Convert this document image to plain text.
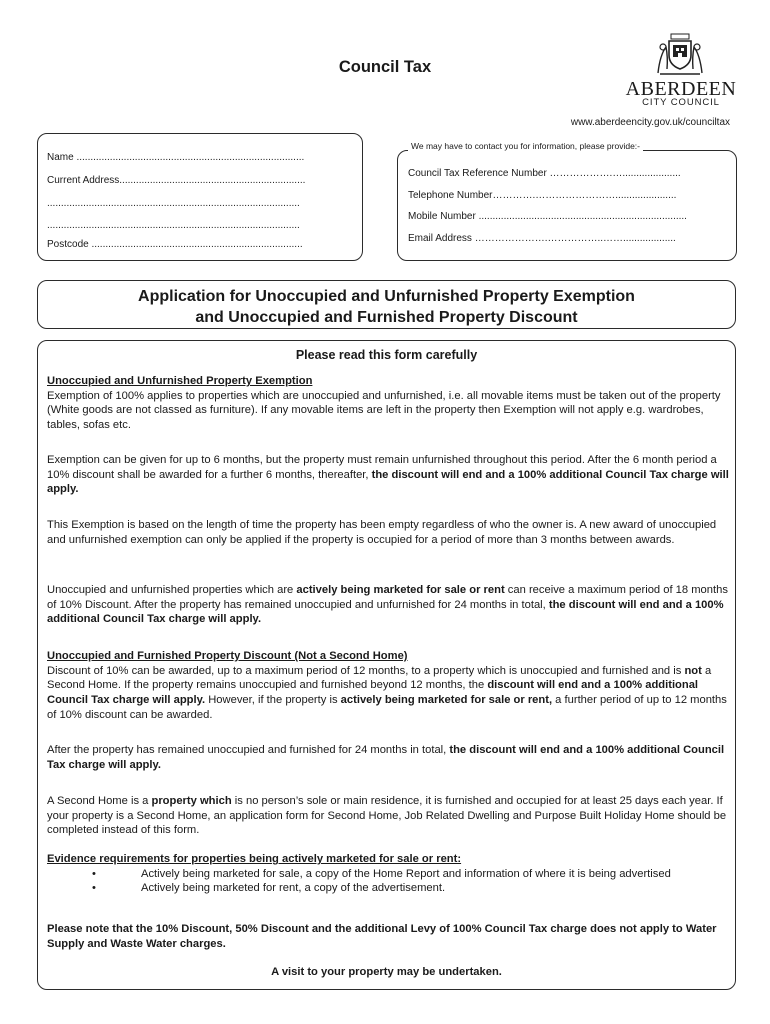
Council Tax
ABERDEEN
CITY COUNCIL
www.aberdeencity.gov.uk/counciltax
Name ..................................................................................
Current Address...................................................................
...........................................................................................
...........................................................................................
Postcode ............................................................................
We may have to contact you for information, please provide:-
Council Tax Reference Number ……………….….....................
Telephone Number………….……………………......................
Mobile Number ...........................................................................
Email Address ………………….……………..……...................
Application for Unoccupied and Unfurnished Property Exemption
and Unoccupied and Furnished Property Discount
Please read this form carefully

Unoccupied and Unfurnished Property Exemption

Exemption of 100% applies to properties which are unoccupied and unfurnished, i.e. all movable items must be taken out of the property (White goods are not classed as furniture). If any movable items are left in the property then Exemption will not apply e.g. wardrobes, tables, sofas etc.

Exemption can be given for up to 6 months, but the property must remain unfurnished throughout this period. After the 6 month period a 10% discount shall be awarded for a further 6 months, thereafter, the discount will end and a 100% additional Council Tax charge will apply.

This Exemption is based on the length of time the property has been empty regardless of who the owner is. A new award of unoccupied and unfurnished exemption can only be applied if the property is occupied for a period of more than 3 months between awards.

Unoccupied and unfurnished properties which are actively being marketed for sale or rent can receive a maximum period of 18 months of 10% Discount. After the property has remained unoccupied and unfurnished for 24 months in total, the discount will end and a 100% additional Council Tax charge will apply.

Unoccupied and Furnished Property Discount (Not a Second Home)

Discount of 10% can be awarded, up to a maximum period of 12 months, to a property which is unoccupied and furnished and is not a Second Home. If the property remains unoccupied and furnished beyond 12 months, the discount will end and a 100% additional Council Tax charge will apply. However, if the property is actively being marketed for sale or rent, a further period of up to 12 months of 10% discount can be awarded.

After the property has remained unoccupied and furnished for 24 months in total, the discount will end and a 100% additional Council Tax charge will apply.

A Second Home is a property which is no person’s sole or main residence, it is furnished and occupied for at least 25 days each year. If your property is a Second Home, an application form for Second Home, Job Related Dwelling and Purpose Built Holiday Home should be completed instead of this form.

Evidence requirements for properties being actively marketed for sale or rent:

•	Actively being marketed for sale, a copy of the Home Report and information of where it is being advertised
•	Actively being marketed for rent, a copy of the advertisement.

Please note that the 10% Discount, 50% Discount and the additional Levy of 100% Council Tax charge does not apply to Water Supply and Waste Water charges.

A visit to your property may be undertaken.
